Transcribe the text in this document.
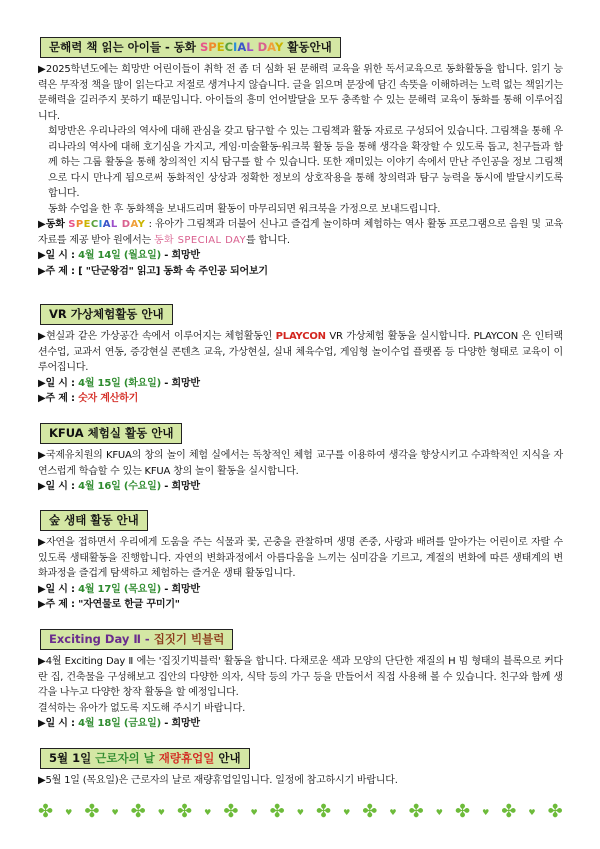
문해력 책 읽는 아이들 - 동화 SPECIAL DAY 활동안내

▶2025학년도에는 희망반 어린이들이 취학 전 좀 더 심화 된 문해력 교육을 위한 독서교육으로 동화활동을 합니다. 읽기 능력은 무작정 책을 많이 읽는다고 저절로 생겨나지 않습니다. 글을 읽으며 문장에 담긴 속뜻을 이해하려는 노력 없는 책읽기는 문해력을 길러주지 못하기 때문입니다. 아이들의 흥미 언어발달을 모두 충족할 수 있는 문해력 교육이 동화를 통해 이루어집니다.

희망반은 우리나라의 역사에 대해 관심을 갖고 탐구할 수 있는 그림책과 활동 자료로 구성되어 있습니다. 그림책을 통해 우리나라의 역사에 대해 호기심을 가지고, 게임·미술활동·워크북 활동 등을 통해 생각을 확장할 수 있도록 돕고, 친구들과 함께 하는 그룹 활동을 통해 창의적인 지식 탐구를 할 수 있습니다. 또한 재미있는 이야기 속에서 만난 주인공을 정보 그림책으로 다시 만나게 됨으로써 동화적인 상상과 정확한 정보의 상호작용을 통해 창의력과 탐구 능력을 동시에 발달시키도록 합니다.

동화 수업을 한 후 동화책을 보내드리며 활동이 마무리되면 워크북을 가정으로 보내드립니다.

▶동화 SPECIAL DAY : 유아가 그림책과 더불어 신나고 즐겁게 놀이하며 체험하는 역사 활동 프로그램으로 음원 및 교육 자료를 제공 받아 원에서는 동화 SPECIAL DAY를 합니다.

▶일 시 : 4월 14일 (월요일) - 희망반
▶주 제 : [ "단군왕검" 읽고] 동화 속 주인공 되어보기
VR 가상체험활동 안내
▶현실과 같은 가상공간 속에서 이루어지는 체험활동인 PLAYCON VR 가상체험 활동을 실시합니다. PLAYCON 은 인터랙션수업, 교과서 연동, 증강현실 콘텐츠 교육, 가상현실, 실내 체육수업, 게임형 놀이수업 플랫폼 등 다양한 형태로 교육이 이루어집니다.
▶일 시 : 4월 15일 (화요일) - 희망반
▶주 제 : 숫자 계산하기
KFUA 체험실 활동 안내
▶국제유치원의 KFUA의 창의 놀이 체험 실에서는 독창적인 체험 교구를 이용하여 생각을 향상시키고 수과학적인 지식을 자연스럽게 학습할 수 있는 KFUA 창의 놀이 활동을 실시합니다.
▶일 시 : 4월 16일 (수요일) - 희망반
숲 생태 활동 안내
▶자연을 접하면서 우리에게 도움을 주는 식물과 꽃, 곤충을 관찰하며 생명 존중, 사랑과 배려를 알아가는 어린이로 자랄 수 있도록 생태활동을 진행합니다. 자연의 변화과정에서 아름다움을 느끼는 심미감을 기르고, 계절의 변화에 따른 생태계의 변화과정을 즐겁게 탐색하고 체험하는 즐거운 생태 활동입니다.
▶일 시 : 4월 17일 (목요일) - 희망반
▶주 제 : "자연물로 한글 꾸미기"
Exciting Day Ⅱ - 집짓기 빅블럭

▶4월 Exciting Day Ⅱ 에는 '집짓기빅블럭' 활동을 합니다. 다채로운 색과 모양의 단단한 재질의 H 빔 형태의 블록으로 커다란 집, 건축물을 구성해보고 집안의 다양한 의자, 식탁 등의 가구 등을 만들어서 직접 사용해 볼 수 있습니다. 친구와 함께 생각을 나누고 다양한 창작 활동을 할 예정입니다.

결석하는 유아가 없도록 지도해 주시기 바랍니다.

▶일 시 : 4월 18일 (금요일) - 희망반
5월 1일 근로자의 날 재량휴업일 안내
▶5월 1일 (목요일)은 근로자의 날로 재량휴업일입니다. 일정에 참고하시기 바랍니다.
✤ ♥ ✤ ♥ ✤ ♥ ✤ ♥ ✤ ♥ ✤ ♥ ✤ ♥ ✤ ♥ ✤ ♥ ✤ ♥ ✤ ♥ ✤
